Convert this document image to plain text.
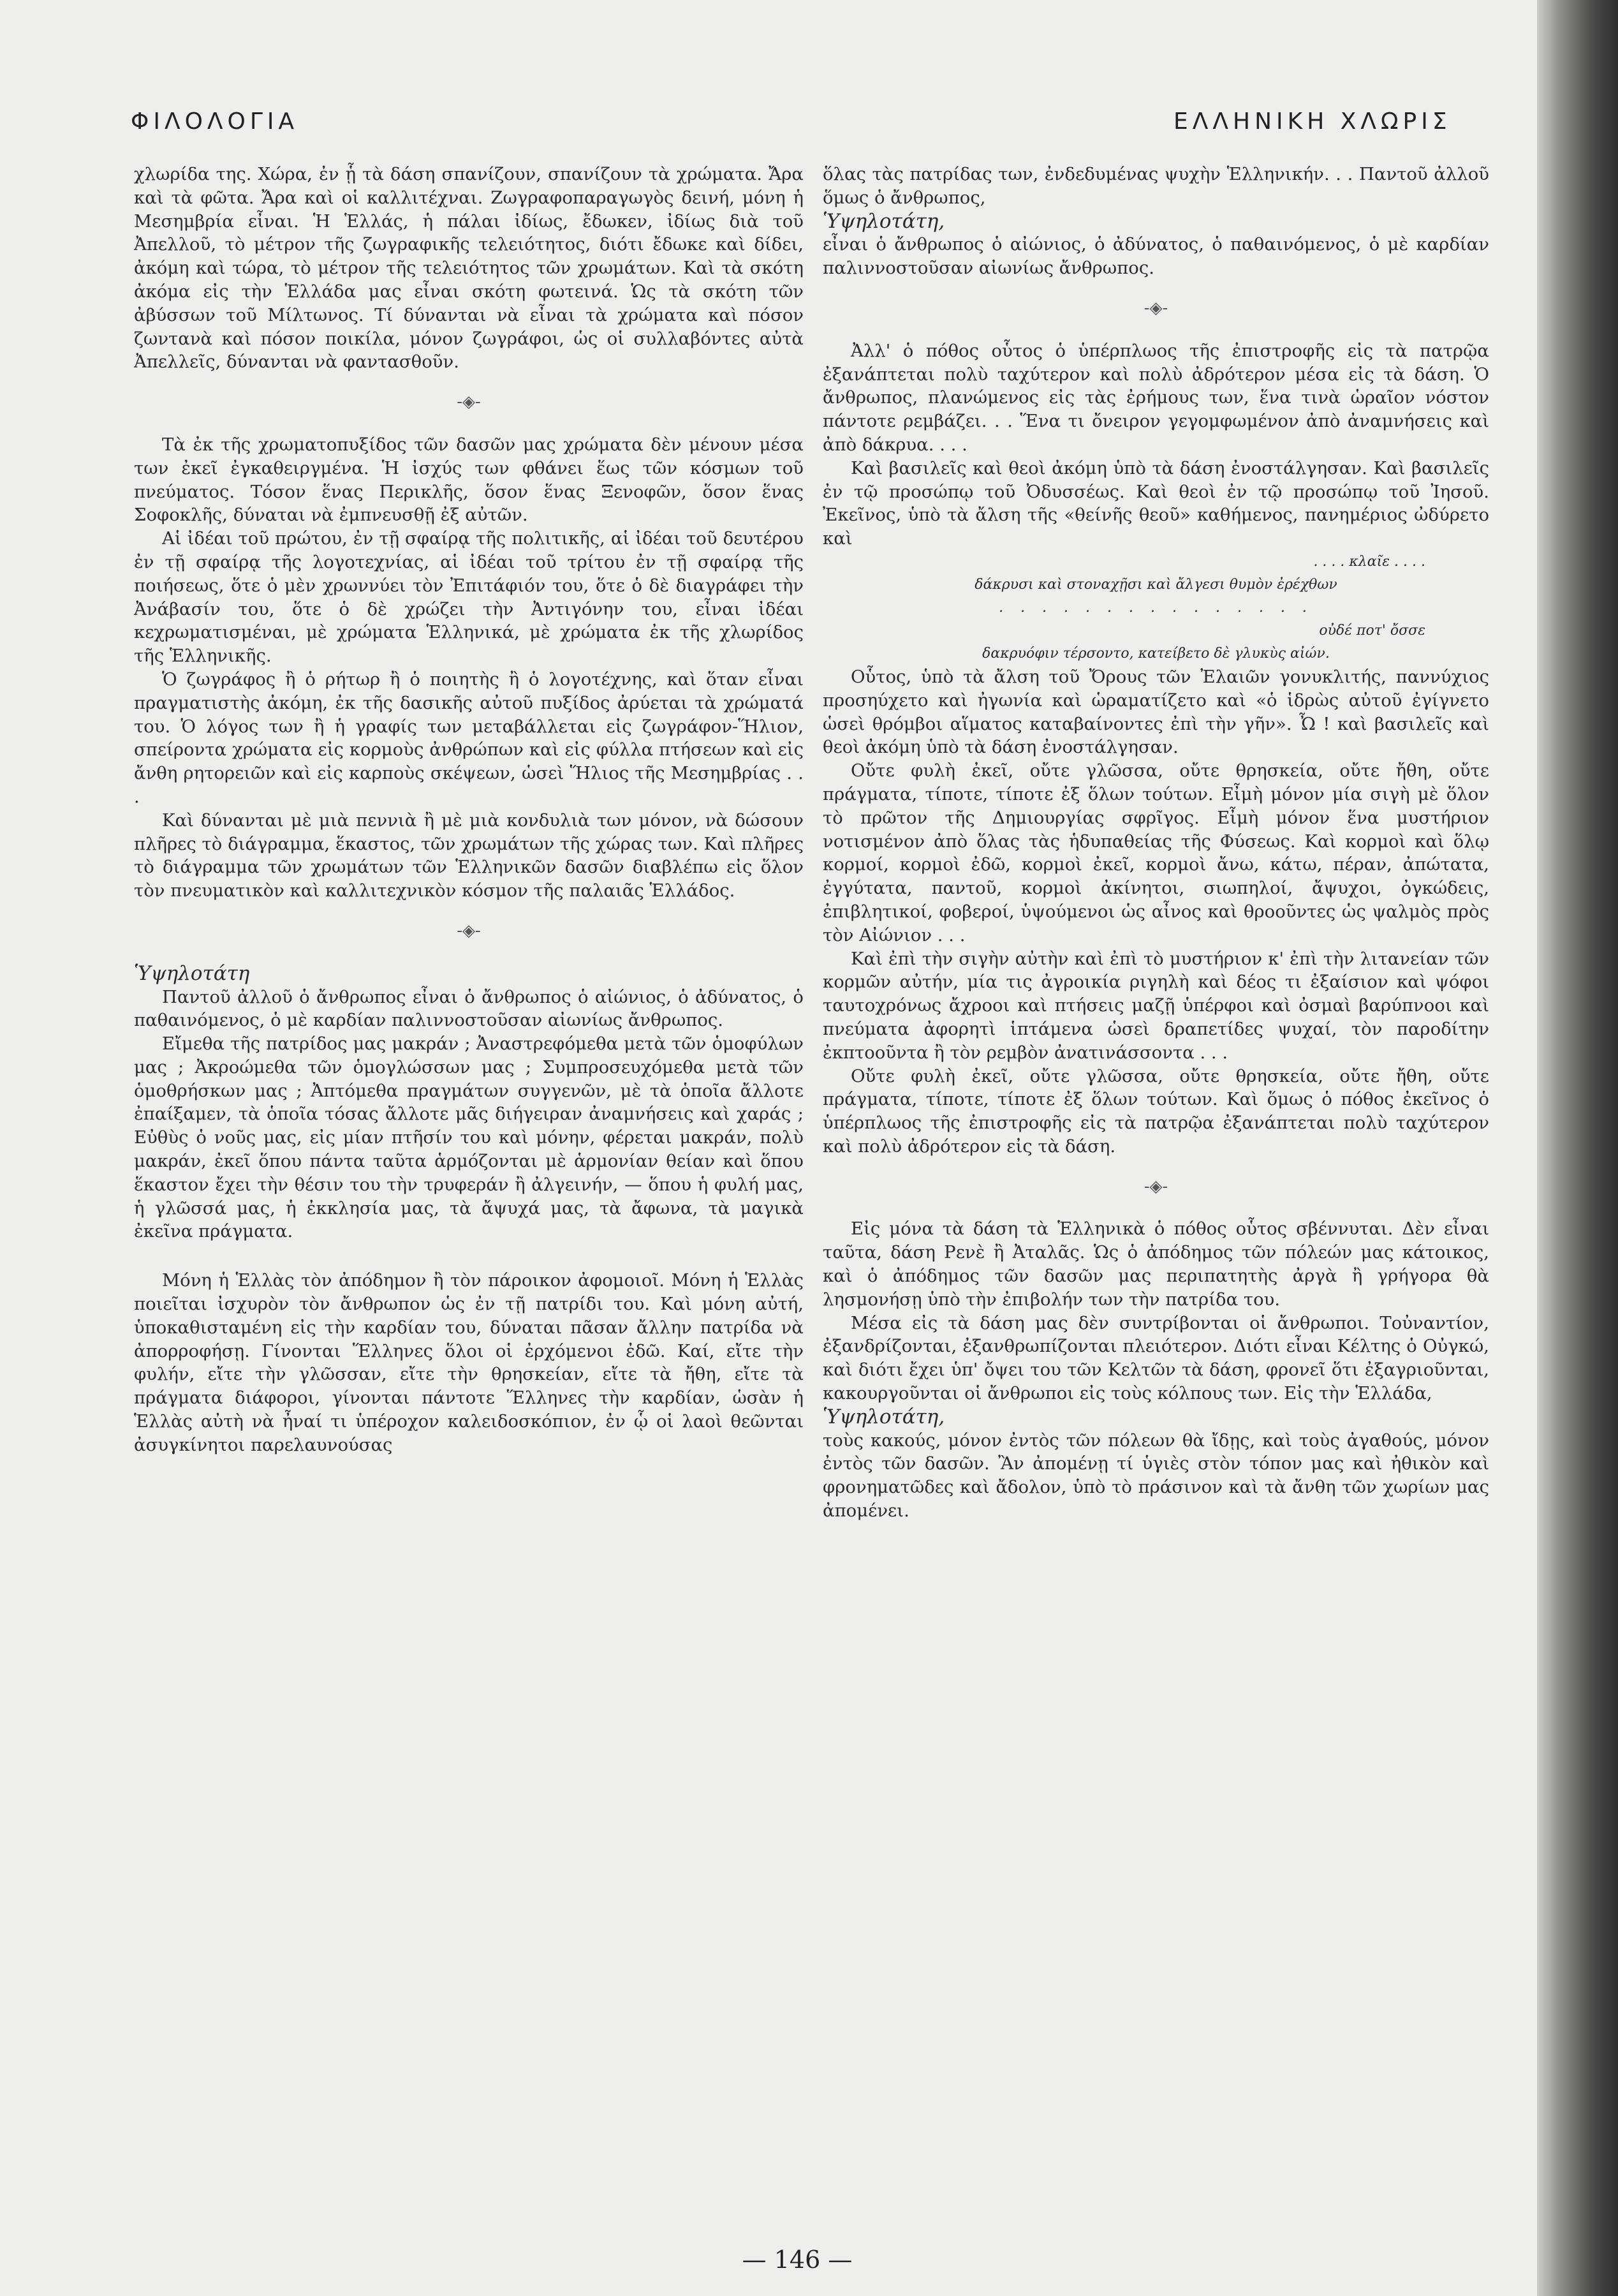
ΦΙΛΟΛΟΓΙΑ	ΕΛΛΗΝΙΚΗ ΧΛΩΡΙΣ

χλωρίδα της. Χώρα, ἐν ᾗ τὰ δάση σπανίζουν, σπανίζουν τὰ χρώματα. Ἄρα καὶ τὰ φῶτα. Ἄρα καὶ οἱ καλλιτέχναι. Ζωγραφοπαραγωγὸς δεινή, μόνη ἡ Μεσημβρία εἶναι. Ἡ Ἑλλάς, ἡ πάλαι ἰδίως, ἔδωκεν, ἰδίως διὰ τοῦ Ἀπελλοῦ, τὸ μέτρον τῆς ζωγραφικῆς τελειότητος, διότι ἔδωκε καὶ δίδει, ἀκόμη καὶ τώρα, τὸ μέτρον τῆς τελειότητος τῶν χρωμάτων. Καὶ τὰ σκότη ἀκόμα εἰς τὴν Ἑλλάδα μας εἶναι σκότη φωτεινά. Ὡς τὰ σκότη τῶν ἀβύσσων τοῦ Μίλτωνος. Τί δύνανται νὰ εἶναι τὰ χρώματα καὶ πόσον ζωντανὰ καὶ πόσον ποικίλα, μόνον ζωγράφοι, ὡς οἱ συλλαβόντες αὐτὰ Ἀπελλεῖς, δύνανται νὰ φαντασθοῦν.

-◈-

Τὰ ἐκ τῆς χρωματοπυξίδος τῶν δασῶν μας χρώματα δὲν μένουν μέσα των ἐκεῖ ἐγκαθειργμένα. Ἡ ἰσχύς των φθάνει ἕως τῶν κόσμων τοῦ πνεύματος. Τόσον ἕνας Περικλῆς, ὅσον ἕνας Ξενοφῶν, ὅσον ἕνας Σοφοκλῆς, δύναται νὰ ἐμπνευσθῇ ἐξ αὐτῶν.

Αἱ ἰδέαι τοῦ πρώτου, ἐν τῇ σφαίρᾳ τῆς πολιτικῆς, αἱ ἰδέαι τοῦ δευτέρου ἐν τῇ σφαίρᾳ τῆς λογοτεχνίας, αἱ ἰδέαι τοῦ τρίτου ἐν τῇ σφαίρᾳ τῆς ποιήσεως, ὅτε ὁ μὲν χρωννύει τὸν Ἐπιτάφιόν του, ὅτε ὁ δὲ διαγράφει τὴν Ἀνάβασίν του, ὅτε ὁ δὲ χρώζει τὴν Ἀντιγόνην του, εἶναι ἰδέαι κεχρωματισμέναι, μὲ χρώματα Ἑλληνικά, μὲ χρώματα ἐκ τῆς χλωρίδος τῆς Ἑλληνικῆς.

Ὁ ζωγράφος ἢ ὁ ρήτωρ ἢ ὁ ποιητὴς ἢ ὁ λογοτέχνης, καὶ ὅταν εἶναι πραγματιστὴς ἀκόμη, ἐκ τῆς δασικῆς αὐτοῦ πυξίδος ἀρύεται τὰ χρώματά του. Ὁ λόγος των ἢ ἡ γραφίς των μεταβάλλεται εἰς ζωγράφον-Ἥλιον, σπείροντα χρώματα εἰς κορμοὺς ἀνθρώπων καὶ εἰς φύλλα πτήσεων καὶ εἰς ἄνθη ρητορειῶν καὶ εἰς καρποὺς σκέψεων, ὡσεὶ Ἥλιος τῆς Μεσημβρίας . . .

Καὶ δύνανται μὲ μιὰ πεννιὰ ἢ μὲ μιὰ κονδυλιὰ των μόνον, νὰ δώσουν πλῆρες τὸ διάγραμμα, ἕκαστος, τῶν χρωμάτων τῆς χώρας των. Καὶ πλῆρες τὸ διάγραμμα τῶν χρωμάτων τῶν Ἑλληνικῶν δασῶν διαβλέπω εἰς ὅλον τὸν πνευματικὸν καὶ καλλιτεχνικὸν κόσμον τῆς παλαιᾶς Ἑλλάδος.

-◈-

Ὑψηλοτάτη

Παντοῦ ἀλλοῦ ὁ ἄνθρωπος εἶναι ὁ ἄνθρωπος ὁ αἰώνιος, ὁ ἀδύνατος, ὁ παθαινόμενος, ὁ μὲ καρδίαν παλιννοστοῦσαν αἰωνίως ἄνθρωπος.

Εἴμεθα τῆς πατρίδος μας μακράν ; Ἀναστρεφόμεθα μετὰ τῶν ὁμοφύλων μας ; Ἀκροώμεθα τῶν ὁμογλώσσων μας ; Συμπροσευχόμεθα μετὰ τῶν ὁμοθρήσκων μας ; Ἀπτόμεθα πραγμάτων συγγενῶν, μὲ τὰ ὁποῖα ἄλλοτε ἐπαίξαμεν, τὰ ὁποῖα τόσας ἄλλοτε μᾶς διήγειραν ἀναμνήσεις καὶ χαράς ; Εὐθὺς ὁ νοῦς μας, εἰς μίαν πτῆσίν του καὶ μόνην, φέρεται μακράν, πολὺ μακράν, ἐκεῖ ὅπου πάντα ταῦτα ἁρμόζονται μὲ ἁρμονίαν θείαν καὶ ὅπου ἕκαστον ἔχει τὴν θέσιν του τὴν τρυφεράν ἢ ἀλγεινήν, — ὅπου ἡ φυλή μας, ἡ γλῶσσά μας, ἡ ἐκκλησία μας, τὰ ἄψυχά μας, τὰ ἄφωνα, τὰ μαγικὰ ἐκεῖνα πράγματα.

Μόνη ἡ Ἑλλὰς τὸν ἀπόδημον ἢ τὸν πάροικον ἀφομοιοῖ. Μόνη ἡ Ἑλλὰς ποιεῖται ἰσχυρὸν τὸν ἄνθρωπον ὡς ἐν τῇ πατρίδι του. Καὶ μόνη αὐτή, ὑποκαθισταμένη εἰς τὴν καρδίαν του, δύναται πᾶσαν ἄλλην πατρίδα νὰ ἀπορροφήσῃ. Γίνονται Ἕλληνες ὅλοι οἱ ἐρχόμενοι ἐδῶ. Καί, εἴτε τὴν φυλήν, εἴτε τὴν γλῶσσαν, εἴτε τὴν θρησκείαν, εἴτε τὰ ἤθη, εἴτε τὰ πράγματα διάφοροι, γίνονται πάντοτε Ἕλληνες τὴν καρδίαν, ὡσὰν ἡ Ἑλλὰς αὐτὴ νὰ ἦναί τι ὑπέροχον καλειδοσκόπιον, ἐν ᾧ οἱ λαοὶ θεῶνται ἀσυγκίνητοι παρελαυνούσας

ὅλας τὰς πατρίδας των, ἐνδεδυμένας ψυχὴν Ἑλληνικήν. . . Παντοῦ ἀλλοῦ ὅμως ὁ ἄνθρωπος,

Ὑψηλοτάτη,

εἶναι ὁ ἄνθρωπος ὁ αἰώνιος, ὁ ἀδύνατος, ὁ παθαινόμενος, ὁ μὲ καρδίαν παλιννοστοῦσαν αἰωνίως ἄνθρωπος.

-◈-

Ἀλλ' ὁ πόθος οὗτος ὁ ὑπέρπλωος τῆς ἐπιστροφῆς εἰς τὰ πατρῷα ἐξανάπτεται πολὺ ταχύτερον καὶ πολὺ ἀδρότερον μέσα εἰς τὰ δάση. Ὁ ἄνθρωπος, πλανώμενος εἰς τὰς ἐρήμους των, ἕνα τινὰ ὡραῖον νόστον πάντοτε ρεμβάζει. . . Ἕνα τι ὄνειρον γεγομφωμένον ἀπὸ ἀναμνήσεις καὶ ἀπὸ δάκρυα. . . .

Καὶ βασιλεῖς καὶ θεοὶ ἀκόμη ὑπὸ τὰ δάση ἐνοστάλγησαν. Καὶ βασιλεῖς ἐν τῷ προσώπῳ τοῦ Ὀδυσσέως. Καὶ θεοὶ ἐν τῷ προσώπῳ τοῦ Ἰησοῦ. Ἐκεῖνος, ὑπὸ τὰ ἄλση τῆς «θείνῆς θεοῦ» καθήμενος, πανημέριος ὠδύρετο καὶ

. . . . κλαῖε . . . .

δάκρυσι καὶ στοναχῇσι καὶ ἄλγεσι θυμὸν ἐρέχθων

. . . . . . . . . . . . . . .

οὐδέ ποτ' ὄσσε

δακρυόφιν τέρσοντο, κατείβετο δὲ γλυκὺς αἰών.

Οὗτος, ὑπὸ τὰ ἄλση τοῦ Ὄρους τῶν Ἐλαιῶν γονυκλιτής, παννύχιος προσηύχετο καὶ ἠγωνία καὶ ὡραματίζετο καὶ «ὁ ἱδρὼς αὐτοῦ ἐγίγνετο ὡσεὶ θρόμβοι αἵματος καταβαίνοντες ἐπὶ τὴν γῆν». Ὦ ! καὶ βασιλεῖς καὶ θεοὶ ἀκόμη ὑπὸ τὰ δάση ἐνοστάλγησαν.

Οὔτε φυλὴ ἐκεῖ, οὔτε γλῶσσα, οὔτε θρησκεία, οὔτε ἤθη, οὔτε πράγματα, τίποτε, τίποτε ἐξ ὅλων τούτων. Εἶμὴ μόνον μία σιγὴ μὲ ὅλον τὸ πρῶτον τῆς Δημιουργίας σφρῖγος. Εἶμὴ μόνον ἕνα μυστήριον νοτισμένον ἀπὸ ὅλας τὰς ἡδυπαθείας τῆς Φύσεως. Καὶ κορμοὶ καὶ ὅλῳ κορμοί, κορμοὶ ἐδῶ, κορμοὶ ἐκεῖ, κορμοὶ ἄνω, κάτω, πέραν, ἀπώτατα, ἐγγύτατα, παντοῦ, κορμοὶ ἀκίνητοι, σιωπηλοί, ἄψυχοι, ὀγκώδεις, ἐπιβλητικοί, φοβεροί, ὑψούμενοι ὡς αἶνος καὶ θροοῦντες ὡς ψαλμὸς πρὸς τὸν Αἰώνιον . . .

Καὶ ἐπὶ τὴν σιγὴν αὐτὴν καὶ ἐπὶ τὸ μυστήριον κ' ἐπὶ τὴν λιτανείαν τῶν κορμῶν αὐτήν, μία τις ἀγροικία ριγηλὴ καὶ δέος τι ἐξαίσιον καὶ ψόφοι ταυτοχρόνως ἄχροοι καὶ πτήσεις μαζῇ ὑπέρφοι καὶ ὀσμαὶ βαρύπνοοι καὶ πνεύματα ἀφορητὶ ἱπτάμενα ὡσεὶ δραπετίδες ψυχαί, τὸν παροδίτην ἐκπτοοῦντα ἢ τὸν ρεμβὸν ἀνατινάσσοντα . . .

Οὔτε φυλὴ ἐκεῖ, οὔτε γλῶσσα, οὔτε θρησκεία, οὔτε ἤθη, οὔτε πράγματα, τίποτε, τίποτε ἐξ ὅλων τούτων. Καὶ ὅμως ὁ πόθος ἐκεῖνος ὁ ὑπέρπλωος τῆς ἐπιστροφῆς εἰς τὰ πατρῷα ἐξανάπτεται πολὺ ταχύτερον καὶ πολὺ ἀδρότερον εἰς τὰ δάση.

-◈-

Εἰς μόνα τὰ δάση τὰ Ἑλληνικὰ ὁ πόθος οὗτος σβέννυται. Δὲν εἶναι ταῦτα, δάση Ρενὲ ἢ Ἀταλᾶς. Ὡς ὁ ἀπόδημος τῶν πόλεών μας κάτοικος, καὶ ὁ ἀπόδημος τῶν δασῶν μας περιπατητὴς ἀργὰ ἢ γρήγορα θὰ λησμονήσῃ ὑπὸ τὴν ἐπιβολήν των τὴν πατρίδα του.

Μέσα εἰς τὰ δάση μας δὲν συντρίβονται οἱ ἄνθρωποι. Τοὐναντίον, ἐξανδρίζονται, ἐξανθρωπίζονται πλειότερον. Διότι εἶναι Κέλτης ὁ Οὐγκώ, καὶ διότι ἔχει ὑπ' ὄψει του τῶν Κελτῶν τὰ δάση, φρονεῖ ὅτι ἐξαγριοῦνται, κακουργοῦνται οἱ ἄνθρωποι εἰς τοὺς κόλπους των. Εἰς τὴν Ἑλλάδα,

Ὑψηλοτάτη,

τοὺς κακούς, μόνον ἐντὸς τῶν πόλεων θὰ ἴδῃς, καὶ τοὺς ἀγαθούς, μόνον ἐντὸς τῶν δασῶν. Ἂν ἀπομένῃ τί ὑγιὲς στὸν τόπον μας καὶ ἠθικὸν καὶ φρονηματῶδες καὶ ἄδολον, ὑπὸ τὸ πράσινον καὶ τὰ ἄνθη τῶν χωρίων μας ἀπομένει.

— 146 —
